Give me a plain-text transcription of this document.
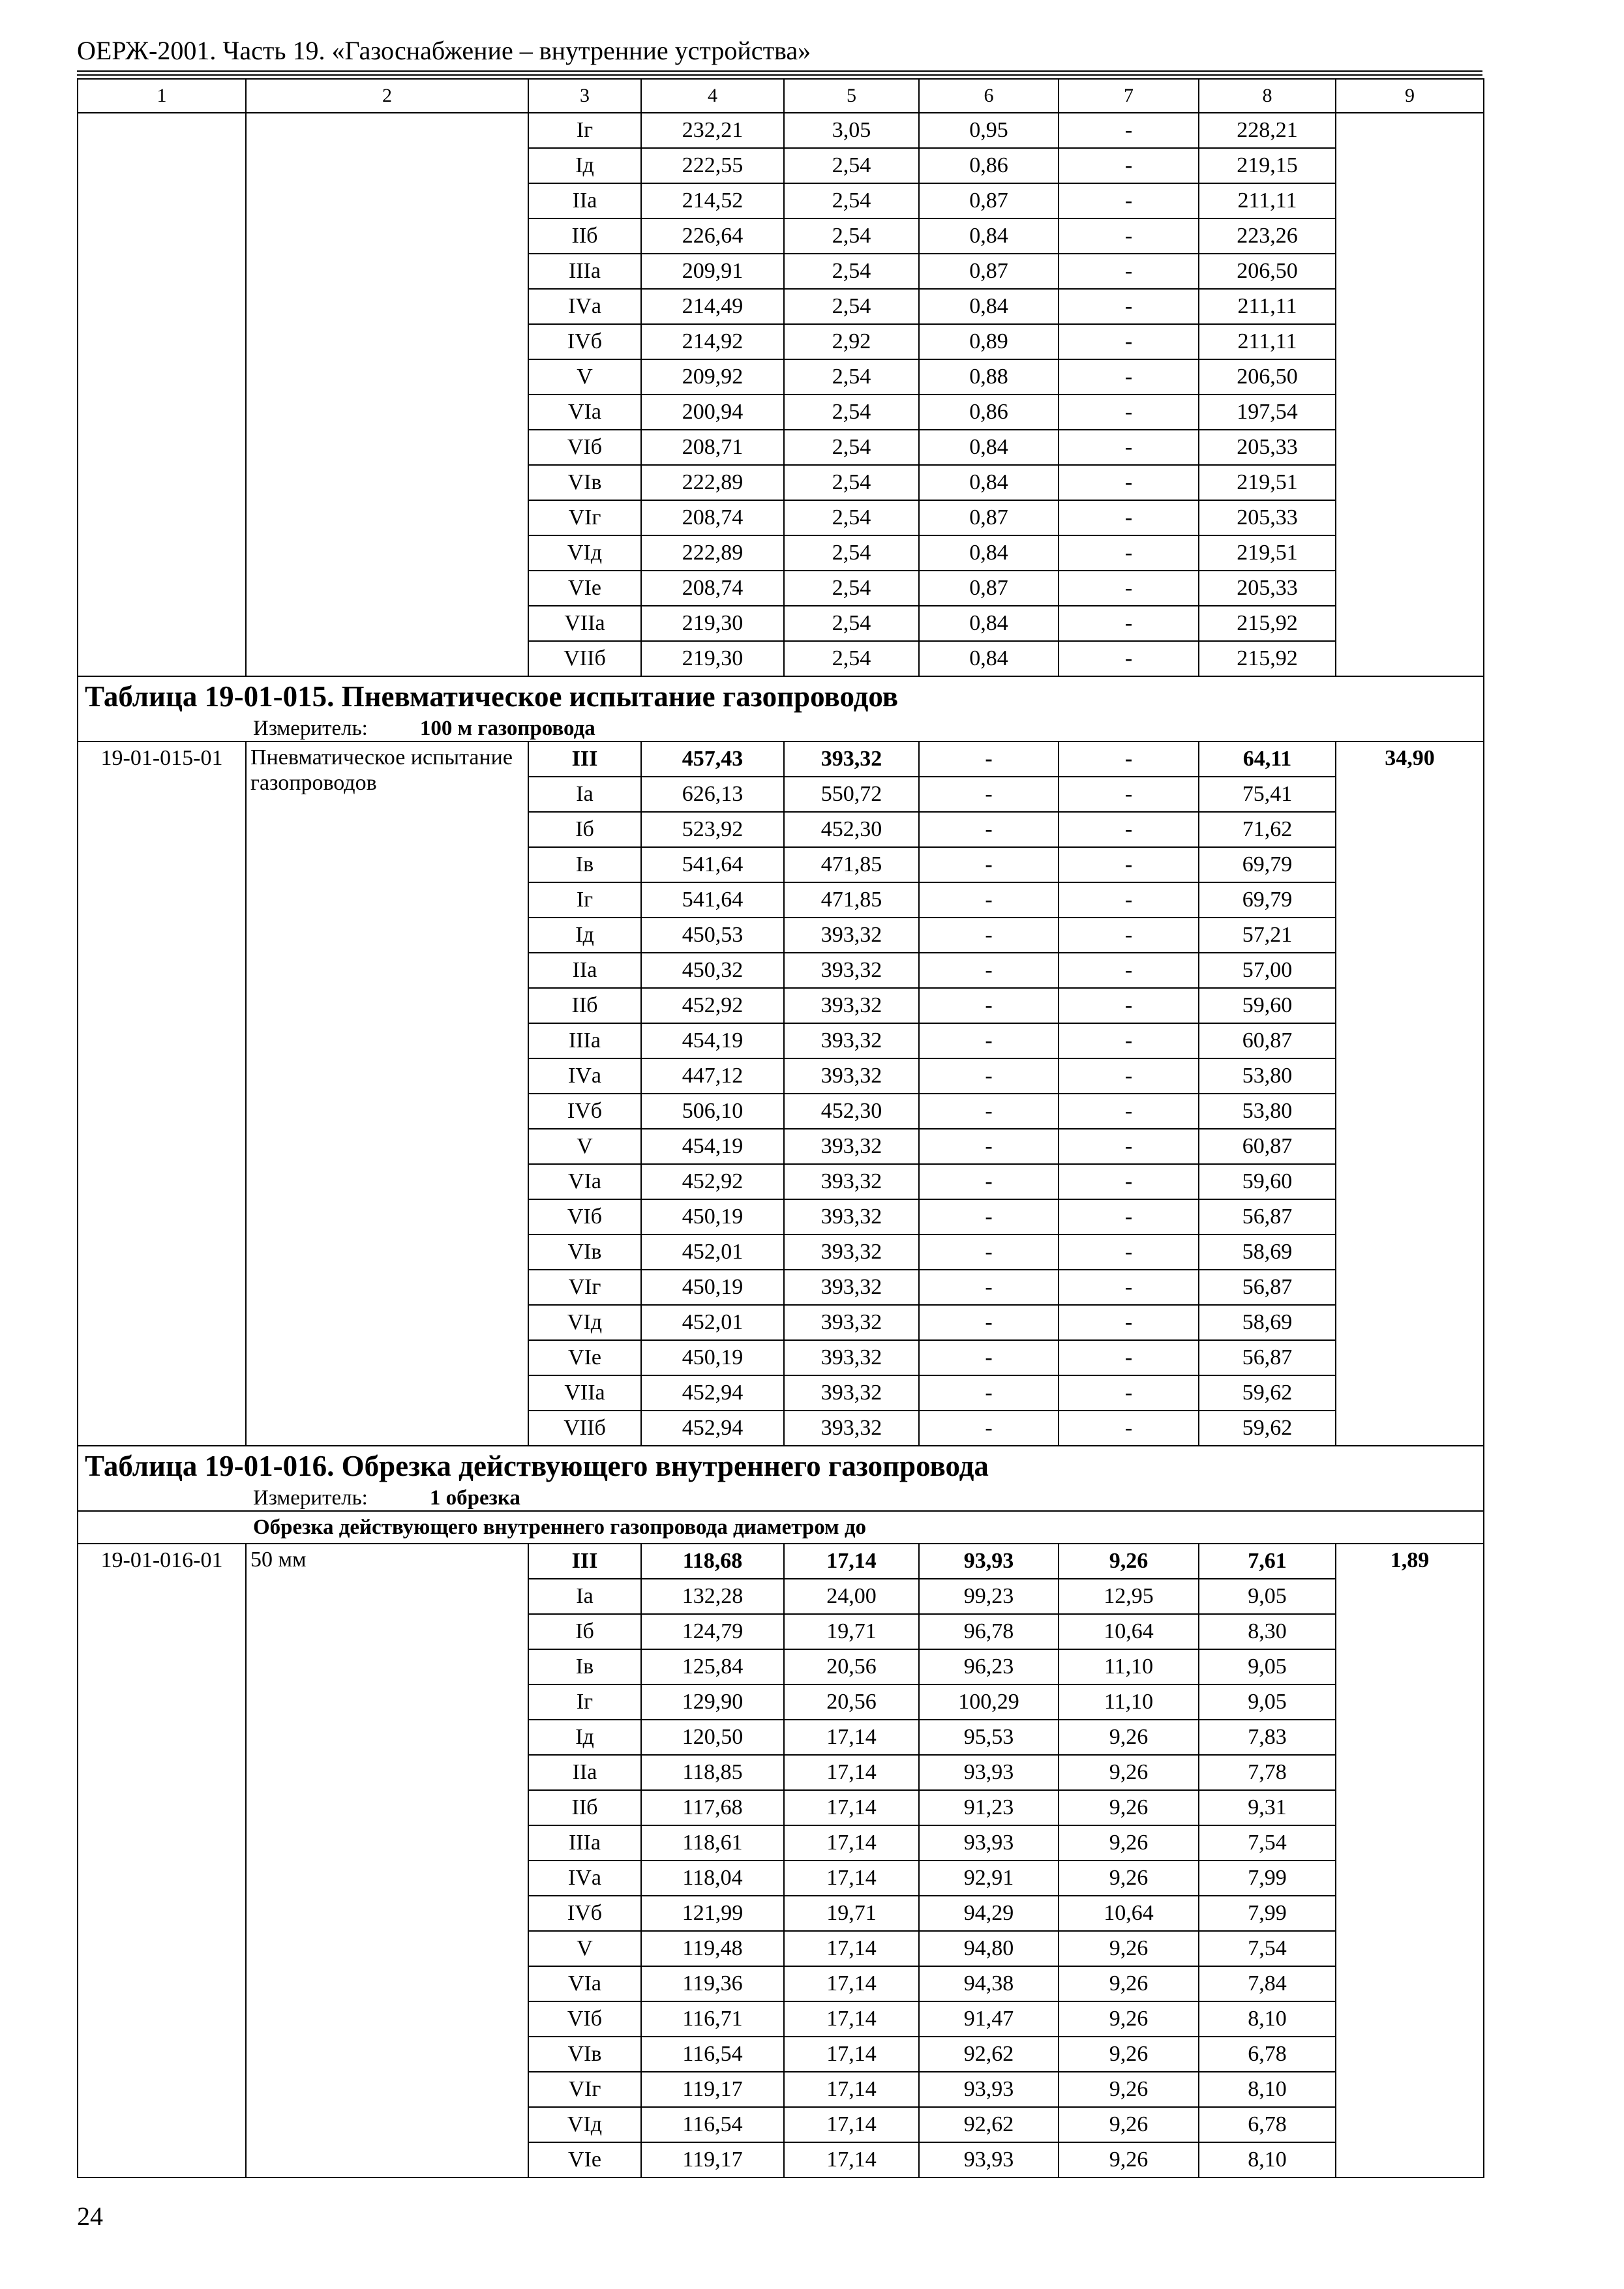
ОЕРЖ-2001. Часть 19. «Газоснабжение – внутренние устройства»
1	2	3	4	5	6	7	8	9
		Iг	232,21	3,05	0,95	-	228,21	
		Iд	222,55	2,54	0,86	-	219,15	
		IIа	214,52	2,54	0,87	-	211,11	
		IIб	226,64	2,54	0,84	-	223,26	
		IIIа	209,91	2,54	0,87	-	206,50	
		IVа	214,49	2,54	0,84	-	211,11	
		IVб	214,92	2,92	0,89	-	211,11	
		V	209,92	2,54	0,88	-	206,50	
		VIа	200,94	2,54	0,86	-	197,54	
		VIб	208,71	2,54	0,84	-	205,33	
		VIв	222,89	2,54	0,84	-	219,51	
		VIг	208,74	2,54	0,87	-	205,33	
		VIд	222,89	2,54	0,84	-	219,51	
		VIе	208,74	2,54	0,87	-	205,33	
		VIIа	219,30	2,54	0,84	-	215,92	
		VIIб	219,30	2,54	0,84	-	215,92	
Таблица 19-01-015. Пневматическое испытание газопроводов								
Измеритель: 100 м газопровода								
19-01-015-01	Пневматическое испытание газопроводов	III	457,43	393,32	-	-	64,11	34,90
		Iа	626,13	550,72	-	-	75,41	
		Iб	523,92	452,30	-	-	71,62	
		Iв	541,64	471,85	-	-	69,79	
		Iг	541,64	471,85	-	-	69,79	
		Iд	450,53	393,32	-	-	57,21	
		IIа	450,32	393,32	-	-	57,00	
		IIб	452,92	393,32	-	-	59,60	
		IIIа	454,19	393,32	-	-	60,87	
		IVа	447,12	393,32	-	-	53,80	
		IVб	506,10	452,30	-	-	53,80	
		V	454,19	393,32	-	-	60,87	
		VIа	452,92	393,32	-	-	59,60	
		VIб	450,19	393,32	-	-	56,87	
		VIв	452,01	393,32	-	-	58,69	
		VIг	450,19	393,32	-	-	56,87	
		VIд	452,01	393,32	-	-	58,69	
		VIе	450,19	393,32	-	-	56,87	
		VIIа	452,94	393,32	-	-	59,62	
		VIIб	452,94	393,32	-	-	59,62	
Таблица 19-01-016. Обрезка действующего внутреннего газопровода								
Измеритель: 1 обрезка								
Обрезка действующего внутреннего газопровода диаметром до								
19-01-016-01	50 мм	III	118,68	17,14	93,93	9,26	7,61	1,89
		Iа	132,28	24,00	99,23	12,95	9,05	
		Iб	124,79	19,71	96,78	10,64	8,30	
		Iв	125,84	20,56	96,23	11,10	9,05	
		Iг	129,90	20,56	100,29	11,10	9,05	
		Iд	120,50	17,14	95,53	9,26	7,83	
		IIа	118,85	17,14	93,93	9,26	7,78	
		IIб	117,68	17,14	91,23	9,26	9,31	
		IIIа	118,61	17,14	93,93	9,26	7,54	
		IVа	118,04	17,14	92,91	9,26	7,99	
		IVб	121,99	19,71	94,29	10,64	7,99	
		V	119,48	17,14	94,80	9,26	7,54	
		VIа	119,36	17,14	94,38	9,26	7,84	
		VIб	116,71	17,14	91,47	9,26	8,10	
		VIв	116,54	17,14	92,62	9,26	6,78	
		VIг	119,17	17,14	93,93	9,26	8,10	
		VIд	116,54	17,14	92,62	9,26	6,78	
		VIе	119,17	17,14	93,93	9,26	8,10	
24
